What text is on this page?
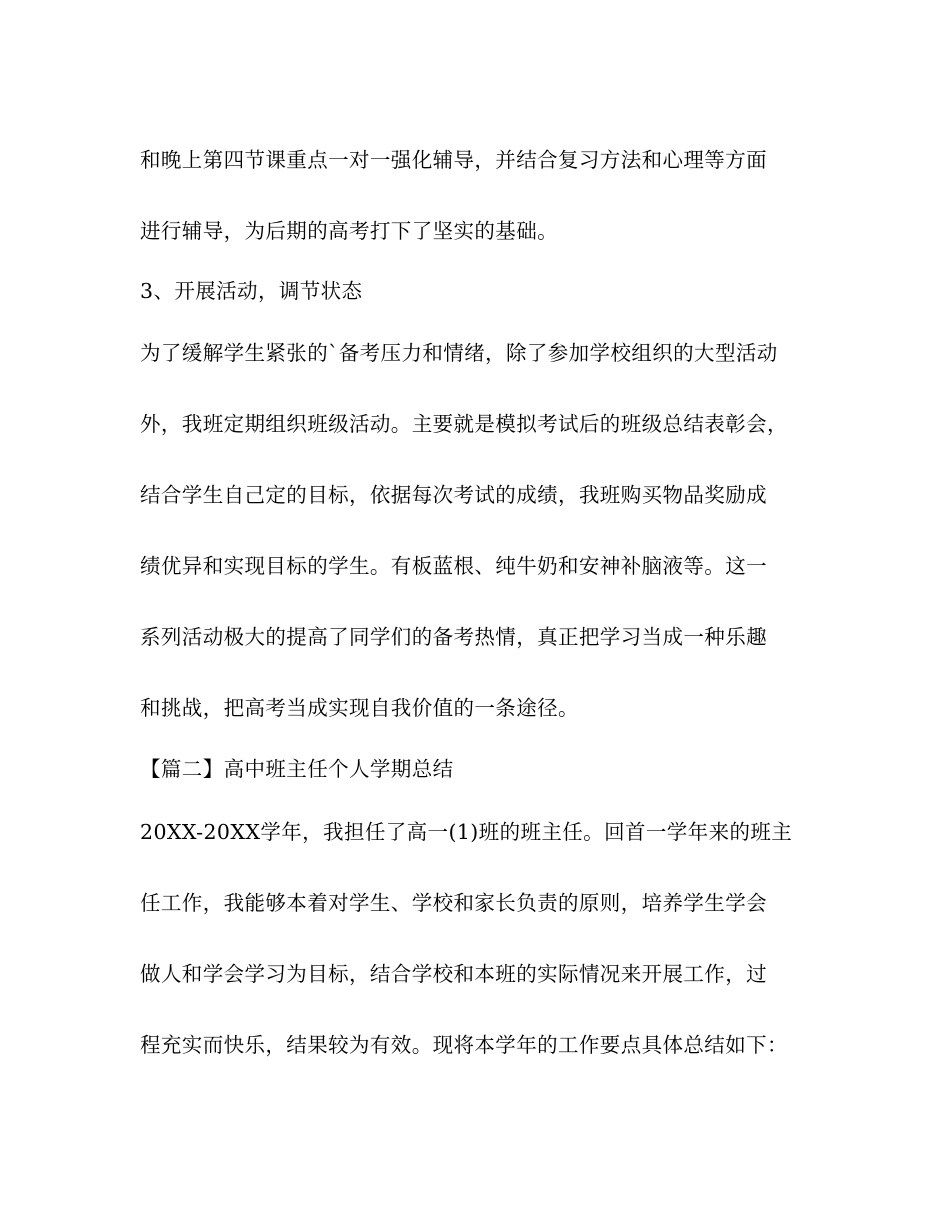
和晚上第四节课重点一对一强化辅导，并结合复习方法和心理等方面
进行辅导，为后期的高考打下了坚实的基础。
3、开展活动，调节状态
为了缓解学生紧张的`备考压力和情绪，除了参加学校组织的大型活动
外，我班定期组织班级活动。主要就是模拟考试后的班级总结表彰会，
结合学生自己定的目标，依据每次考试的成绩，我班购买物品奖励成
绩优异和实现目标的学生。有板蓝根、纯牛奶和安神补脑液等。这一
系列活动极大的提高了同学们的备考热情，真正把学习当成一种乐趣
和挑战，把高考当成实现自我价值的一条途径。
【篇二】高中班主任个人学期总结
20XX-20XX学年，我担任了高一(1)班的班主任。回首一学年来的班主
任工作，我能够本着对学生、学校和家长负责的原则，培养学生学会
做人和学会学习为目标，结合学校和本班的实际情况来开展工作，过
程充实而快乐，结果较为有效。现将本学年的工作要点具体总结如下：
